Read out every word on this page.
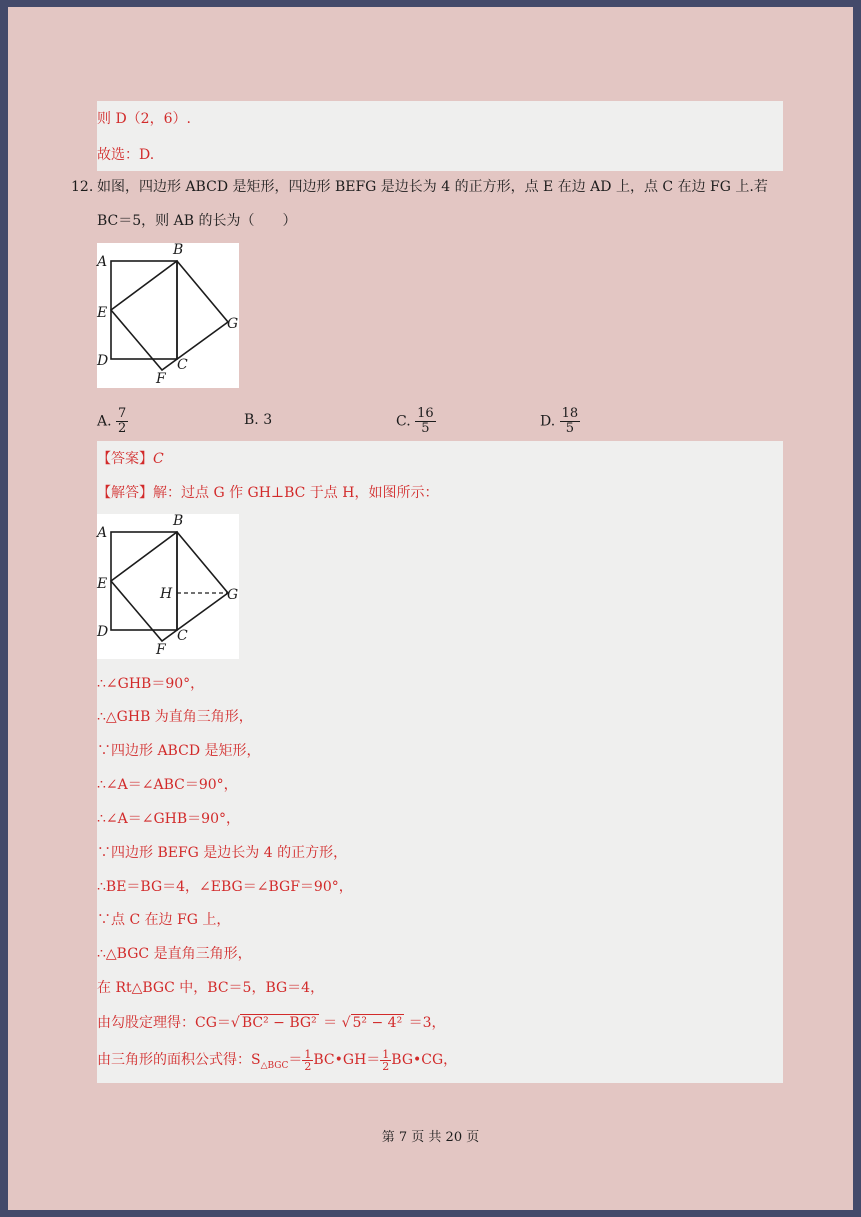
则 D（2，6）.
故选：D.
12. 如图，四边形 ABCD 是矩形，四边形 BEFG 是边长为 4 的正方形，点 E 在边 AD 上，点 C 在边 FG 上.若
BC＝5，则 AB 的长为（　　）
A
B
E
G
D	C
F
A. $\frac{7}{2}$	B. 3	C. $\frac{16}{5}$	D. $\frac{18}{5}$
【答案】C
【解答】解：过点 G 作 GH⊥BC 于点 H，如图所示：
A
B
E
H	G
D	C
F
∴∠GHB＝90°，
∴△GHB 为直角三角形，
∵四边形 ABCD 是矩形，
∴∠A＝∠ABC＝90°，
∴∠A＝∠GHB＝90°，
∵四边形 BEFG 是边长为 4 的正方形，
∴BE＝BG＝4，∠EBG＝∠BGF＝90°，
∵点 C 在边 FG 上，
∴△BGC 是直角三角形，
在 Rt△BGC 中，BC＝5，BG＝4，
由勾股定理得：CG＝√ BC² − BG² ＝ √ 5² − 4² ＝3，
由三角形的面积公式得：$S_{\triangle BGC}= \frac{1}{2}$ BC•GH＝ $\frac{1}{2}$ BG•CG，
第 7 页 共 20 页
